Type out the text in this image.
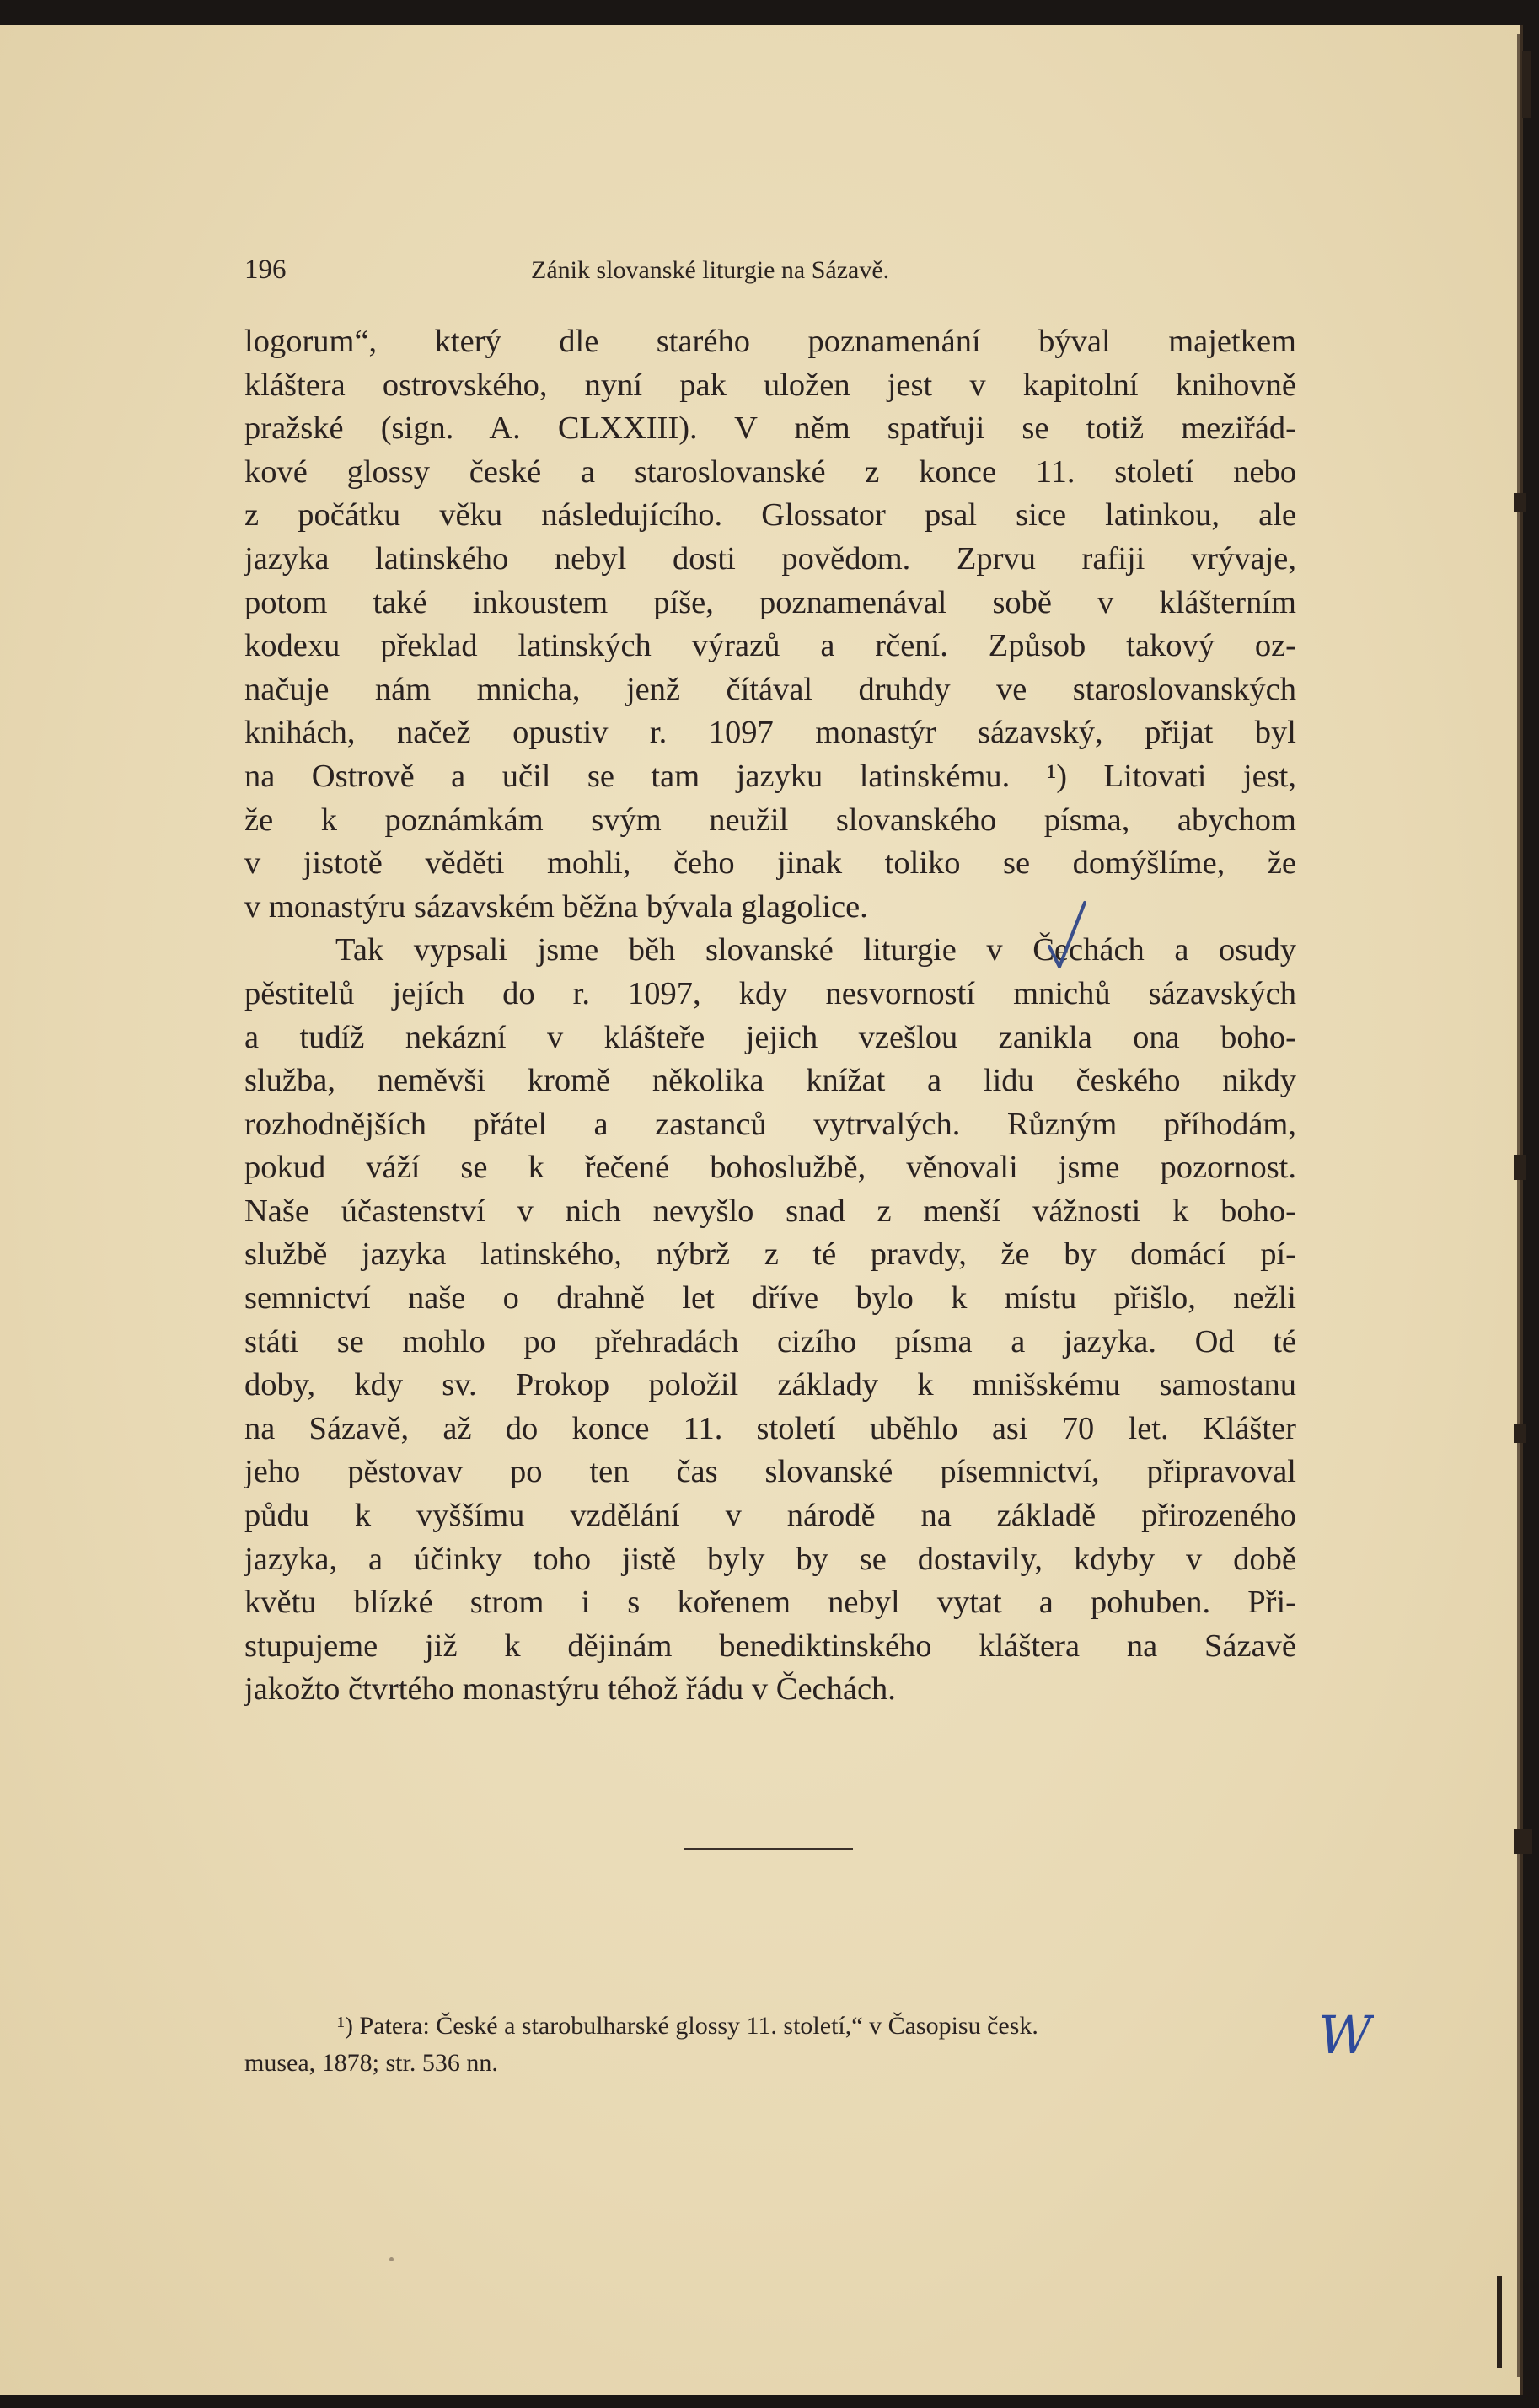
196	Zánik slovanské liturgie na Sázavě.
logorum“, který dle starého poznamenání býval majetkem
kláštera ostrovského, nyní pak uložen jest v kapitolní knihovně
pražské (sign. A. CLXXIII). V něm spatřuji se totiž meziřád-
kové glossy české a staroslovanské z konce 11. století nebo
z počátku věku následujícího. Glossator psal sice latinkou, ale
jazyka latinského nebyl dosti povědom. Zprvu rafiji vrývaje,
potom také inkoustem píše, poznamenával sobě v klášterním
kodexu překlad latinských výrazů a rčení. Způsob takový oz-
načuje nám mnicha, jenž čítával druhdy ve staroslovanských
knihách, načež opustiv r. 1097 monastýr sázavský, přijat byl
na Ostrově a učil se tam jazyku latinskému. ¹) Litovati jest,
že k poznámkám svým neužil slovanského písma, abychom
v jistotě věděti mohli, čeho jinak toliko se domýšlíme, že
v monastýru sázavském běžna bývala glagolice.
Tak vypsali jsme běh slovanské liturgie v Čechách a osudy
pěstitelů jejích do r. 1097, kdy nesvorností mnichů sázavských
a tudíž nekázní v klášteře jejich vzešlou zanikla ona boho-
služba, neměvši kromě několika knížat a lidu českého nikdy
rozhodnějších přátel a zastanců vytrvalých. Různým příhodám,
pokud váží se k řečené bohoslužbě, věnovali jsme pozornost.
Naše účastenství v nich nevyšlo snad z menší vážnosti k boho-
službě jazyka latinského, nýbrž z té pravdy, že by domácí pí-
semnictví naše o drahně let dříve bylo k místu přišlo, nežli
státi se mohlo po přehradách cizího písma a jazyka. Od té
doby, kdy sv. Prokop položil základy k mnišskému samostanu
na Sázavě, až do konce 11. století uběhlo asi 70 let. Klášter
jeho pěstovav po ten čas slovanské písemnictví, připravoval
půdu k vyššímu vzdělání v národě na základě přirozeného
jazyka, a účinky toho jistě byly by se dostavily, kdyby v době
květu blízké strom i s kořenem nebyl vytat a pohuben. Při-
stupujeme již k dějinám benediktinského kláštera na Sázavě
jakožto čtvrtého monastýru téhož řádu v Čechách.
¹) Patera: České a starobulharské glossy 11. století,“ v Časopisu česk.
musea, 1878; str. 536 nn.	W
